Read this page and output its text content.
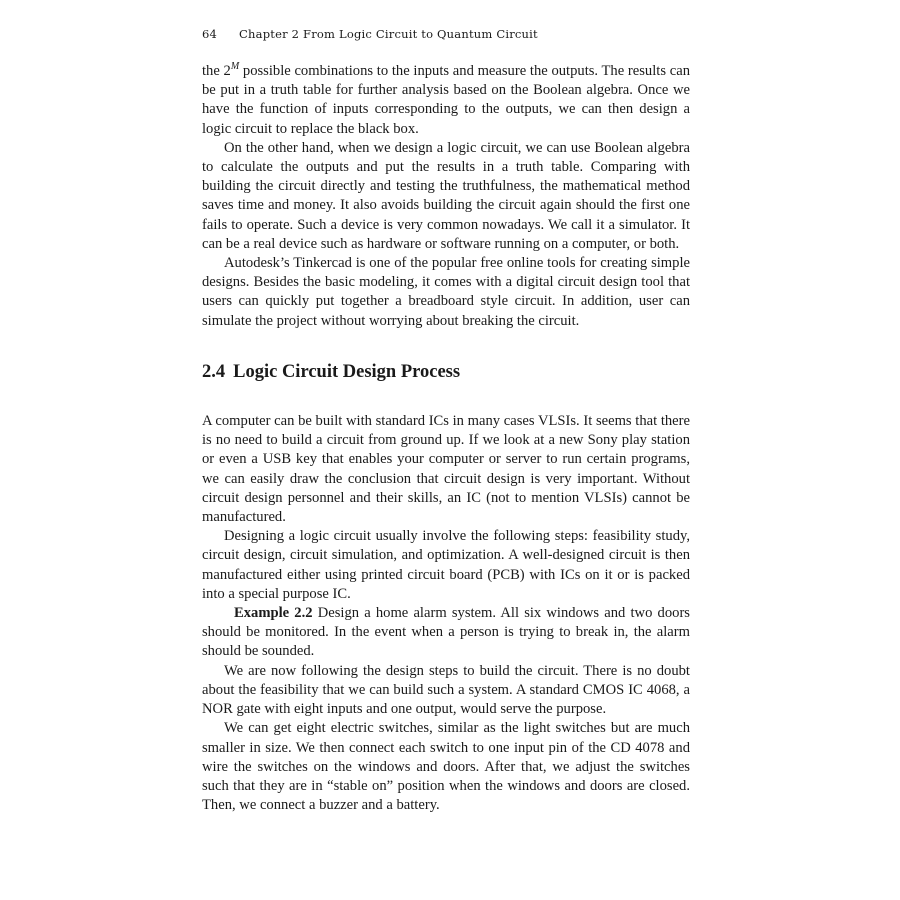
64 Chapter 2 From Logic Circuit to Quantum Circuit

the $2^M$ possible combinations to the inputs and measure the outputs. The results can be put in a truth table for further analysis based on the Boolean algebra. Once we have the function of inputs corresponding to the outputs, we can then design a logic circuit to replace the black box.

On the other hand, when we design a logic circuit, we can use Boolean algebra to calculate the outputs and put the results in a truth table. Comparing with building the circuit directly and testing the truthfulness, the mathematical method saves time and money. It also avoids building the circuit again should the first one fails to operate. Such a device is very common nowadays. We call it a simulator. It can be a real device such as hardware or software running on a computer, or both.

Autodesk’s Tinkercad is one of the popular free online tools for creating simple designs. Besides the basic modeling, it comes with a digital circuit design tool that users can quickly put together a breadboard style circuit. In addition, user can simulate the project without worrying about breaking the circuit.

2.4 Logic Circuit Design Process

A computer can be built with standard ICs in many cases VLSIs. It seems that there is no need to build a circuit from ground up. If we look at a new Sony play station or even a USB key that enables your computer or server to run certain programs, we can easily draw the conclusion that circuit design is very important. Without circuit design personnel and their skills, an IC (not to mention VLSIs) cannot be manufactured.

Designing a logic circuit usually involve the following steps: feasibility study, circuit design, circuit simulation, and optimization. A well-designed circuit is then manufactured either using printed circuit board (PCB) with ICs on it or is packed into a special purpose IC.

Example 2.2 Design a home alarm system. All six windows and two doors should be monitored. In the event when a person is trying to break in, the alarm should be sounded.

We are now following the design steps to build the circuit. There is no doubt about the feasibility that we can build such a system. A standard CMOS IC 4068, a NOR gate with eight inputs and one output, would serve the purpose.

We can get eight electric switches, similar as the light switches but are much smaller in size. We then connect each switch to one input pin of the CD 4078 and wire the switches on the windows and doors. After that, we adjust the switches such that they are in “stable on” position when the windows and doors are closed. Then, we connect a buzzer and a battery.
